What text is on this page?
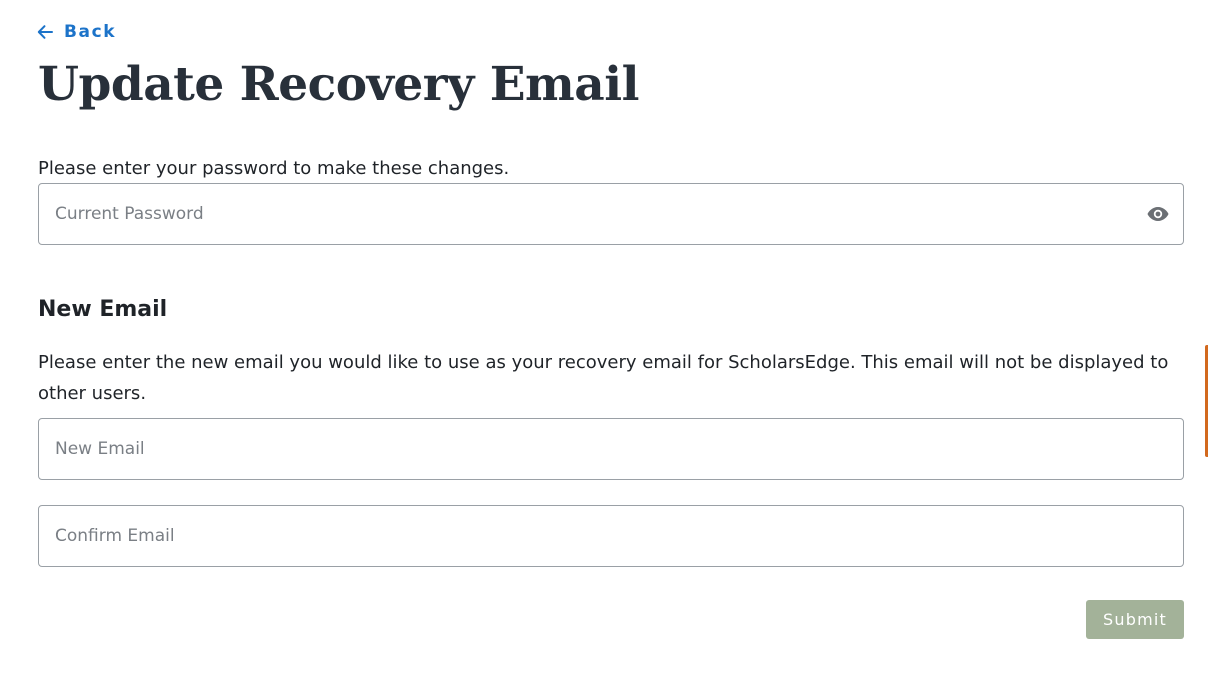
Back
Update Recovery Email
Please enter your password to make these changes.
New Email
Please enter the new email you would like to use as your recovery email for ScholarsEdge. This email will not be displayed to other users.
New Email
Confirm Email
Submit
